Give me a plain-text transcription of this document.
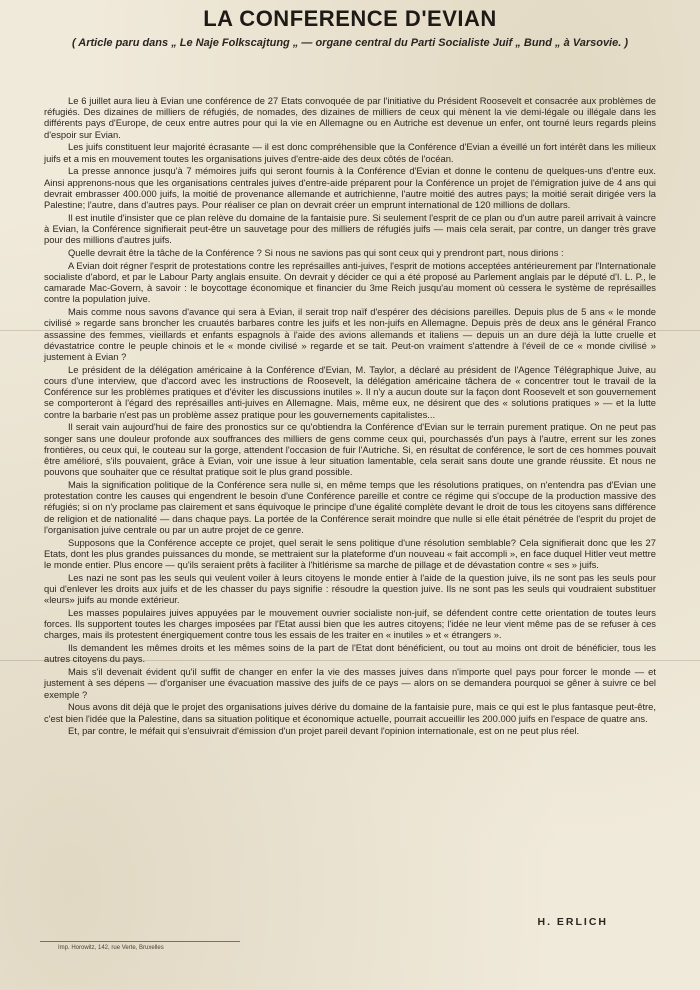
LA CONFERENCE D'EVIAN
( Article paru dans „ Le Naje Folkscajtung „ — organe central du Parti Socialiste Juif „ Bund „ à Varsovie. )

Le 6 juillet aura lieu à Evian une conférence de 27 Etats convoquée de par l'initiative du Président Roosevelt et consacrée aux problèmes de réfugiés. Des dizaines de milliers de réfugiés, de nomades, des dizaines de milliers de ceux qui mènent la vie demi-légale ou illégale dans les différents pays d'Europe, de ceux entre autres pour qui la vie en Allemagne ou en Autriche est devenue un enfer, ont tourné leurs regards pleins d'espoir sur Evian.

Les juifs constituent leur majorité écrasante — il est donc compréhensible que la Conférence d'Evian a éveillé un fort intérêt dans les milieux juifs et a mis en mouvement toutes les organisations juives d'entre-aide des deux côtés de l'océan.

La presse annonce jusqu'à 7 mémoires juifs qui seront fournis à la Conférence d'Evian et donne le contenu de quelques-uns d'entre eux. Ainsi apprenons-nous que les organisations centrales juives d'entre-aide préparent pour la Conférence un projet de l'émigration juive de 4 ans qui devrait embrasser 400.000 juifs, la moitié de provenance allemande et autrichienne, l'autre moitié des autres pays; la moitié serait dirigée vers la Palestine; l'autre, dans d'autres pays. Pour réaliser ce plan on devrait créer un emprunt international de 120 millions de dollars.

Il est inutile d'insister que ce plan relève du domaine de la fantaisie pure. Si seulement l'esprit de ce plan ou d'un autre pareil arrivait à vaincre à Evian, la Conférence signifierait peut-être un sauvetage pour des milliers de réfugiés juifs — mais cela serait, par contre, un danger très grave pour des millions d'autres juifs.

Quelle devrait être la tâche de la Conférence ? Si nous ne savions pas qui sont ceux qui y prendront part, nous dirions :

A Evian doit régner l'esprit de protestations contre les représailles anti-juives, l'esprit de motions acceptées antérieurement par l'Internationale socialiste d'abord, et par le Labour Party anglais ensuite. On devrait y décider ce qui a été proposé au Parlement anglais par le député d'I. L. P., le camarade Mac-Govern, à savoir : le boycottage économique et financier du 3me Reich jusqu'au moment où cessera le système de représailles contre la population juive.

Mais comme nous savons d'avance qui sera à Evian, il serait trop naïf d'espérer des décisions pareilles. Depuis plus de 5 ans « le monde civilisé » regarde sans broncher les cruautés barbares contre les juifs et les non-juifs en Allemagne. Depuis près de deux ans le général Franco assassine des femmes, vieillards et enfants espagnols à l'aide des avions allemands et italiens — depuis un an dure déjà la lutte cruelle et dévastatrice contre le peuple chinois et le « monde civilisé » regarde et se tait. Peut-on vraiment s'attendre à l'éveil de ce « monde civilisé » justement à Evian ?

Le président de la délégation américaine à la Conférence d'Evian, M. Taylor, a déclaré au président de l'Agence Télégraphique Juive, au cours d'une interview, que d'accord avec les instructions de Roosevelt, la délégation américaine tâchera de « concentrer tout le travail de la Conférence sur les problèmes pratiques et d'éviter les discussions inutiles ». Il n'y a aucun doute sur la façon dont Roosevelt et son gouvernement se comporteront à l'égard des représailles anti-juives en Allemagne. Mais, même eux, ne désirent que des « solutions pratiques » — et la lutte contre la barbarie n'est pas un problème assez pratique pour les gouvernements capitalistes...

Il serait vain aujourd'hui de faire des pronostics sur ce qu'obtiendra la Conférence d'Evian sur le terrain purement pratique. On ne peut pas songer sans une douleur profonde aux souffrances des milliers de gens comme ceux qui, pourchassés d'un pays à l'autre, errent sur les zones frontières, ou ceux qui, le couteau sur la gorge, attendent l'occasion de fuir l'Autriche. Si, en résultat de conférence, le sort de ces hommes pouvait être amélioré, s'ils pouvaient, grâce à Evian, voir une issue à leur situation lamentable, cela serait sans doute une grande réussite. Et nous ne pouvons que souhaiter que ce résultat pratique soit le plus grand possible.

Mais la signification politique de la Conférence sera nulle si, en même temps que les résolutions pratiques, on n'entendra pas d'Evian une protestation contre les causes qui engendrent le besoin d'une Conférence pareille et contre ce régime qui s'occupe de la production massive des réfugiés; si on n'y proclame pas clairement et sans équivoque le principe d'une égalité complète devant le droit de tous les citoyens sans différence de religion et de nationalité — dans chaque pays. La portée de la Conférence serait moindre que nulle si elle était pénétrée de l'esprit du projet de l'organisation juive centrale ou par un autre projet de ce genre.

Supposons que la Conférence accepte ce projet, quel serait le sens politique d'une résolution semblable? Cela signifierait donc que les 27 Etats, dont les plus grandes puissances du monde, se mettraient sur la plateforme d'un nouveau « fait accompli », en face duquel Hitler veut mettre le monde entier. Plus encore — qu'ils seraient prêts à faciliter à l'hitlérisme sa marche de pillage et de dévastation contre « ses » juifs.

Les nazi ne sont pas les seuls qui veulent voiler à leurs citoyens le monde entier à l'aide de la question juive, ils ne sont pas les seuls pour qui d'enlever les droits aux juifs et de les chasser du pays signifie : résoudre la question juive. Ils ne sont pas les seuls qui voudraient substituer «leurs» juifs au monde extérieur.

Les masses populaires juives appuyées par le mouvement ouvrier socialiste non-juif, se défendent contre cette orientation de toutes leurs forces. Ils supportent toutes les charges imposées par l'Etat aussi bien que les autres citoyens; l'idée ne leur vient même pas de se refuser à ces charges, mais ils protestent énergiquement contre tous les essais de les traiter en « inutiles » et « étrangers ».

Ils demandent les mêmes droits et les mêmes soins de la part de l'Etat dont bénéficient, ou tout au moins ont droit de bénéficier, tous les autres citoyens du pays.

Mais s'il devenait évident qu'il suffit de changer en enfer la vie des masses juives dans n'importe quel pays pour forcer le monde — et justement à ses dépens — d'organiser une évacuation massive des juifs de ce pays — alors on se demandera pourquoi se gêner à suivre ce bel exemple ?

Nous avons dit déjà que le projet des organisations juives dérive du domaine de la fantaisie pure, mais ce qui est le plus fantasque peut-être, c'est bien l'idée que la Palestine, dans sa situation politique et économique actuelle, pourrait accueillir les 200.000 juifs en l'espace de quatre ans.

Et, par contre, le méfait qui s'ensuivrait d'émission d'un projet pareil devant l'opinion internationale, est on ne peut plus réel.

H. ERLICH
Imp. Horowitz, 142, rue Verte, Bruxelles
